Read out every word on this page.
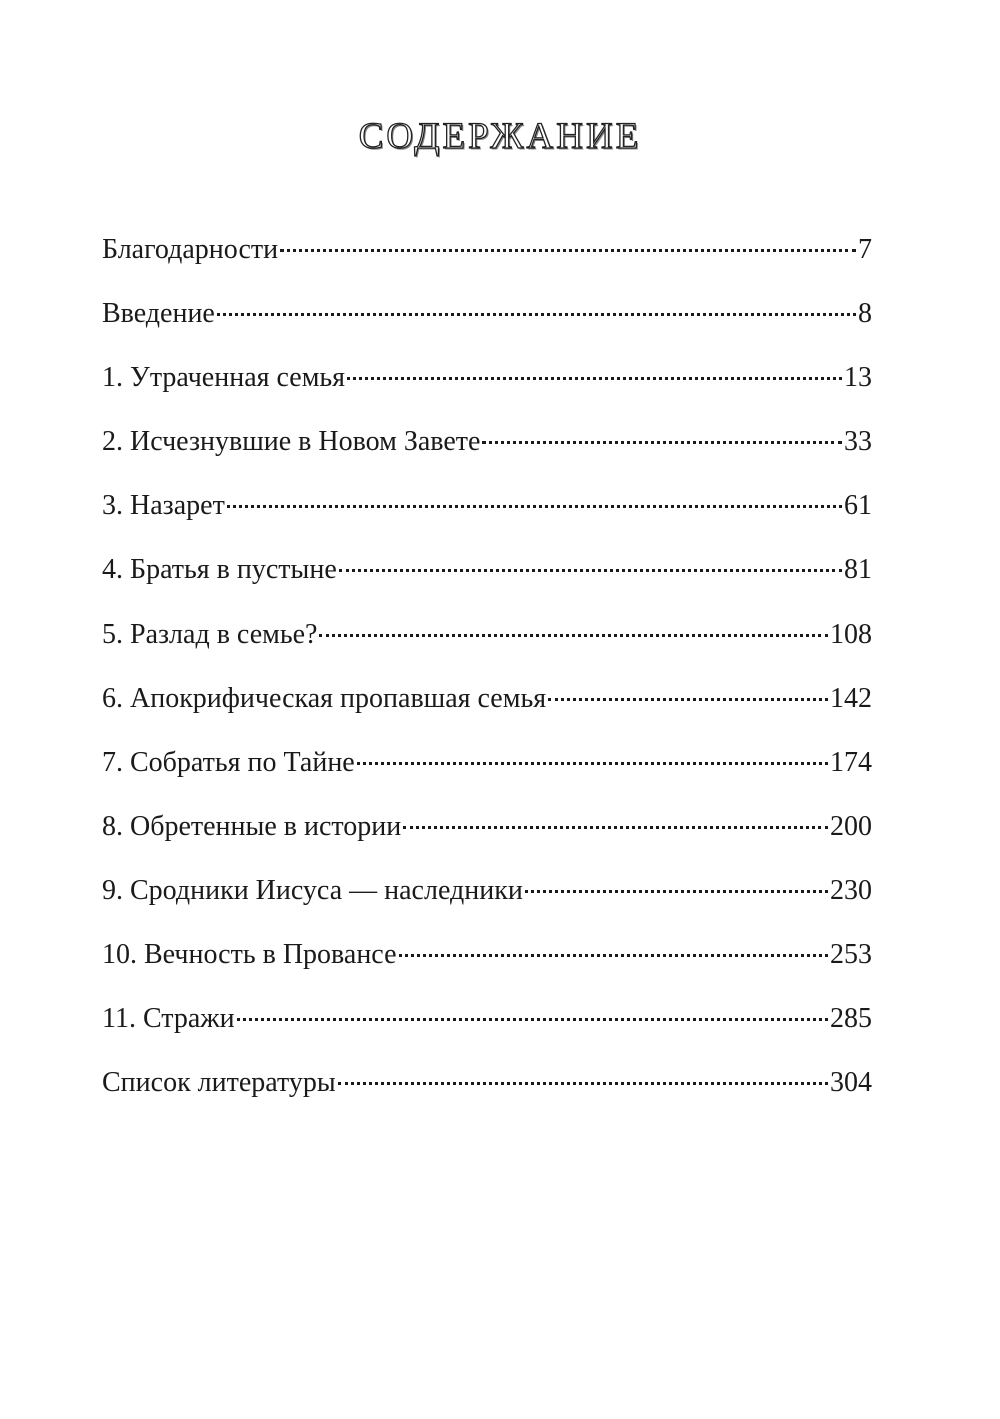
СОДЕРЖАНИЕ
Благодарности	7
Введение	8
1. Утраченная семья	13
2. Исчезнувшие в Новом Завете	33
3. Назарет	61
4. Братья в пустыне	81
5. Разлад в семье?	108
6. Апокрифическая пропавшая семья	142
7. Собратья по Тайне	174
8. Обретенные в истории	200
9. Сродники Иисуса — наследники	230
10. Вечность в Провансе	253
11. Стражи	285
Список литературы	304
